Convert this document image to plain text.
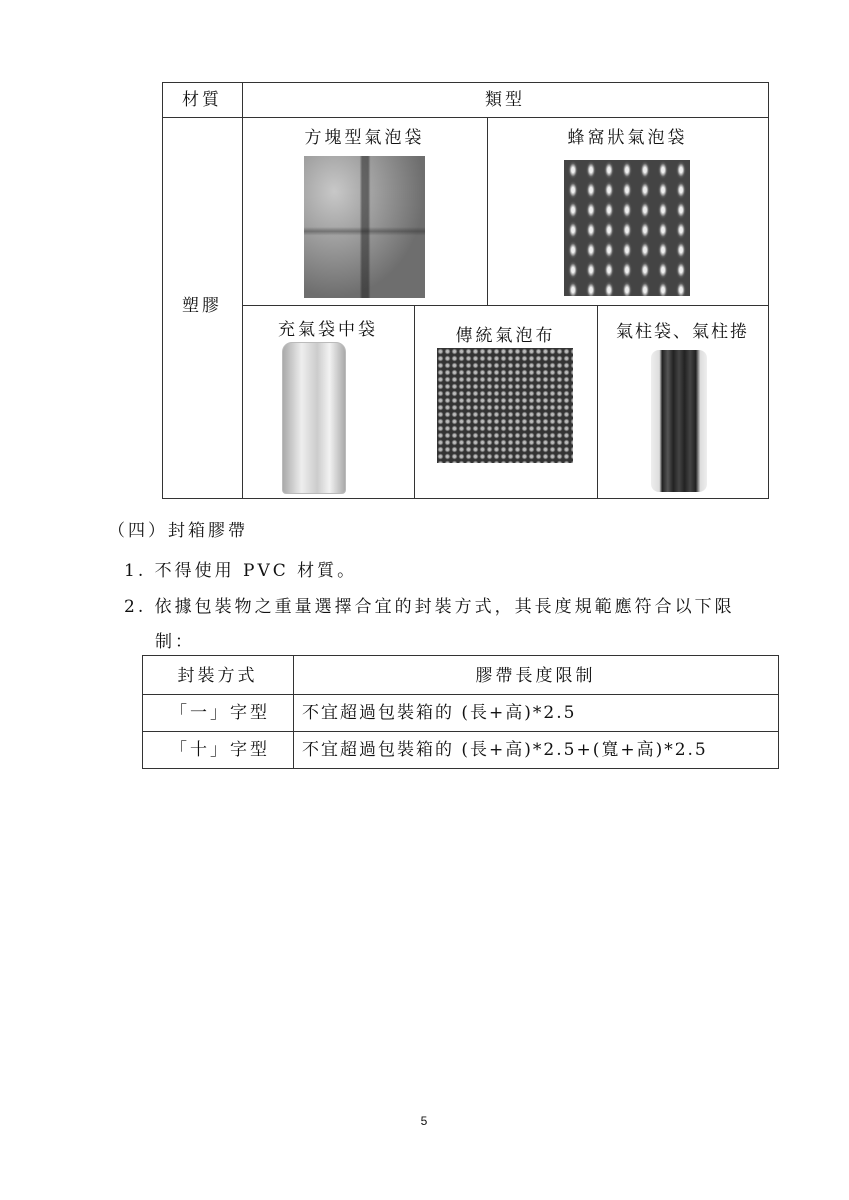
材質	類型
塑膠
方塊型氣泡袋	蜂窩狀氣泡袋
充氣袋中袋	傳統氣泡布	氣柱袋、氣柱捲
（四）封箱膠帶
1. 不得使用 PVC 材質。
2. 依據包裝物之重量選擇合宜的封裝方式，其長度規範應符合以下限
制：
封裝方式	膠帶長度限制
「一」字型 不宜超過包裝箱的 (長+高)*2.5
「十」字型 不宜超過包裝箱的 (長+高)*2.5+(寬+高)*2.5
5
